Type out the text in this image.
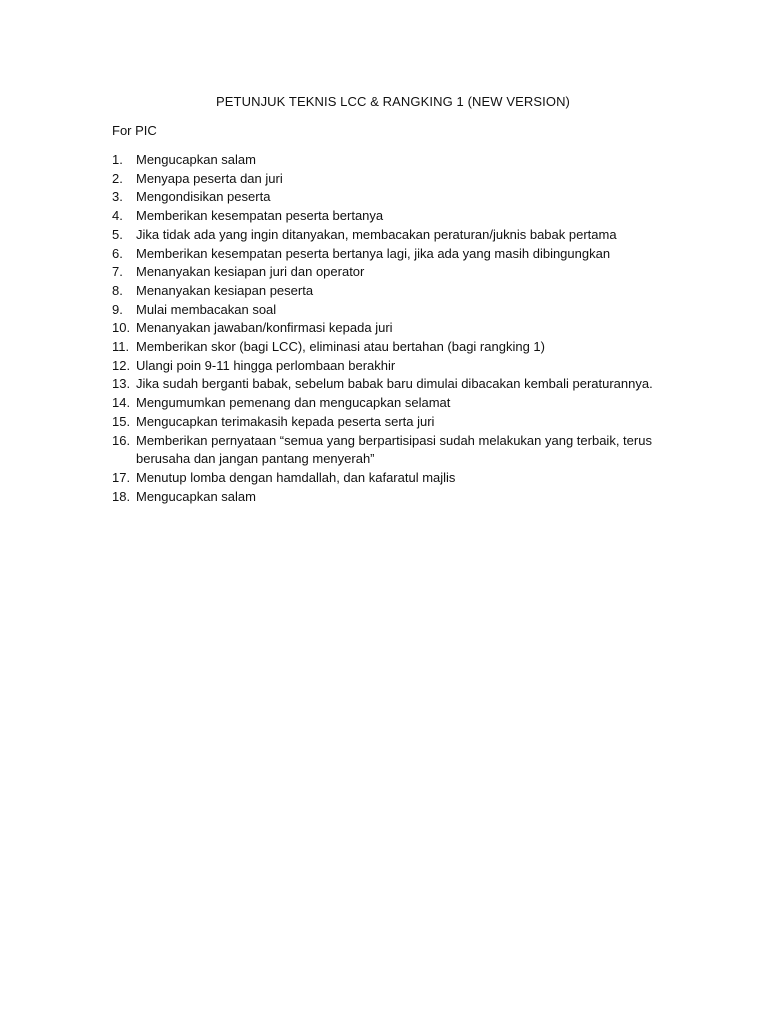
PETUNJUK TEKNIS LCC & RANGKING 1 (NEW VERSION)
For PIC
1.	Mengucapkan salam
2.	Menyapa peserta dan juri
3.	Mengondisikan peserta
4.	Memberikan kesempatan peserta bertanya
5.	Jika tidak ada yang ingin ditanyakan, membacakan peraturan/juknis babak pertama
6.	Memberikan kesempatan peserta bertanya lagi, jika ada yang masih dibingungkan
7.	Menanyakan kesiapan juri dan operator
8.	Menanyakan kesiapan peserta
9.	Mulai membacakan soal
10. Menanyakan jawaban/konfirmasi kepada juri
11. Memberikan skor (bagi LCC), eliminasi atau bertahan (bagi rangking 1)
12. Ulangi poin 9-11 hingga perlombaan berakhir
13. Jika sudah berganti babak, sebelum babak baru dimulai dibacakan kembali peraturannya.
14. Mengumumkan pemenang dan mengucapkan selamat
15. Mengucapkan terimakasih kepada peserta serta juri
16. Memberikan pernyataan “semua yang berpartisipasi sudah melakukan yang terbaik, terus berusaha dan jangan pantang menyerah”
17. Menutup lomba dengan hamdallah, dan kafaratul majlis
18. Mengucapkan salam
